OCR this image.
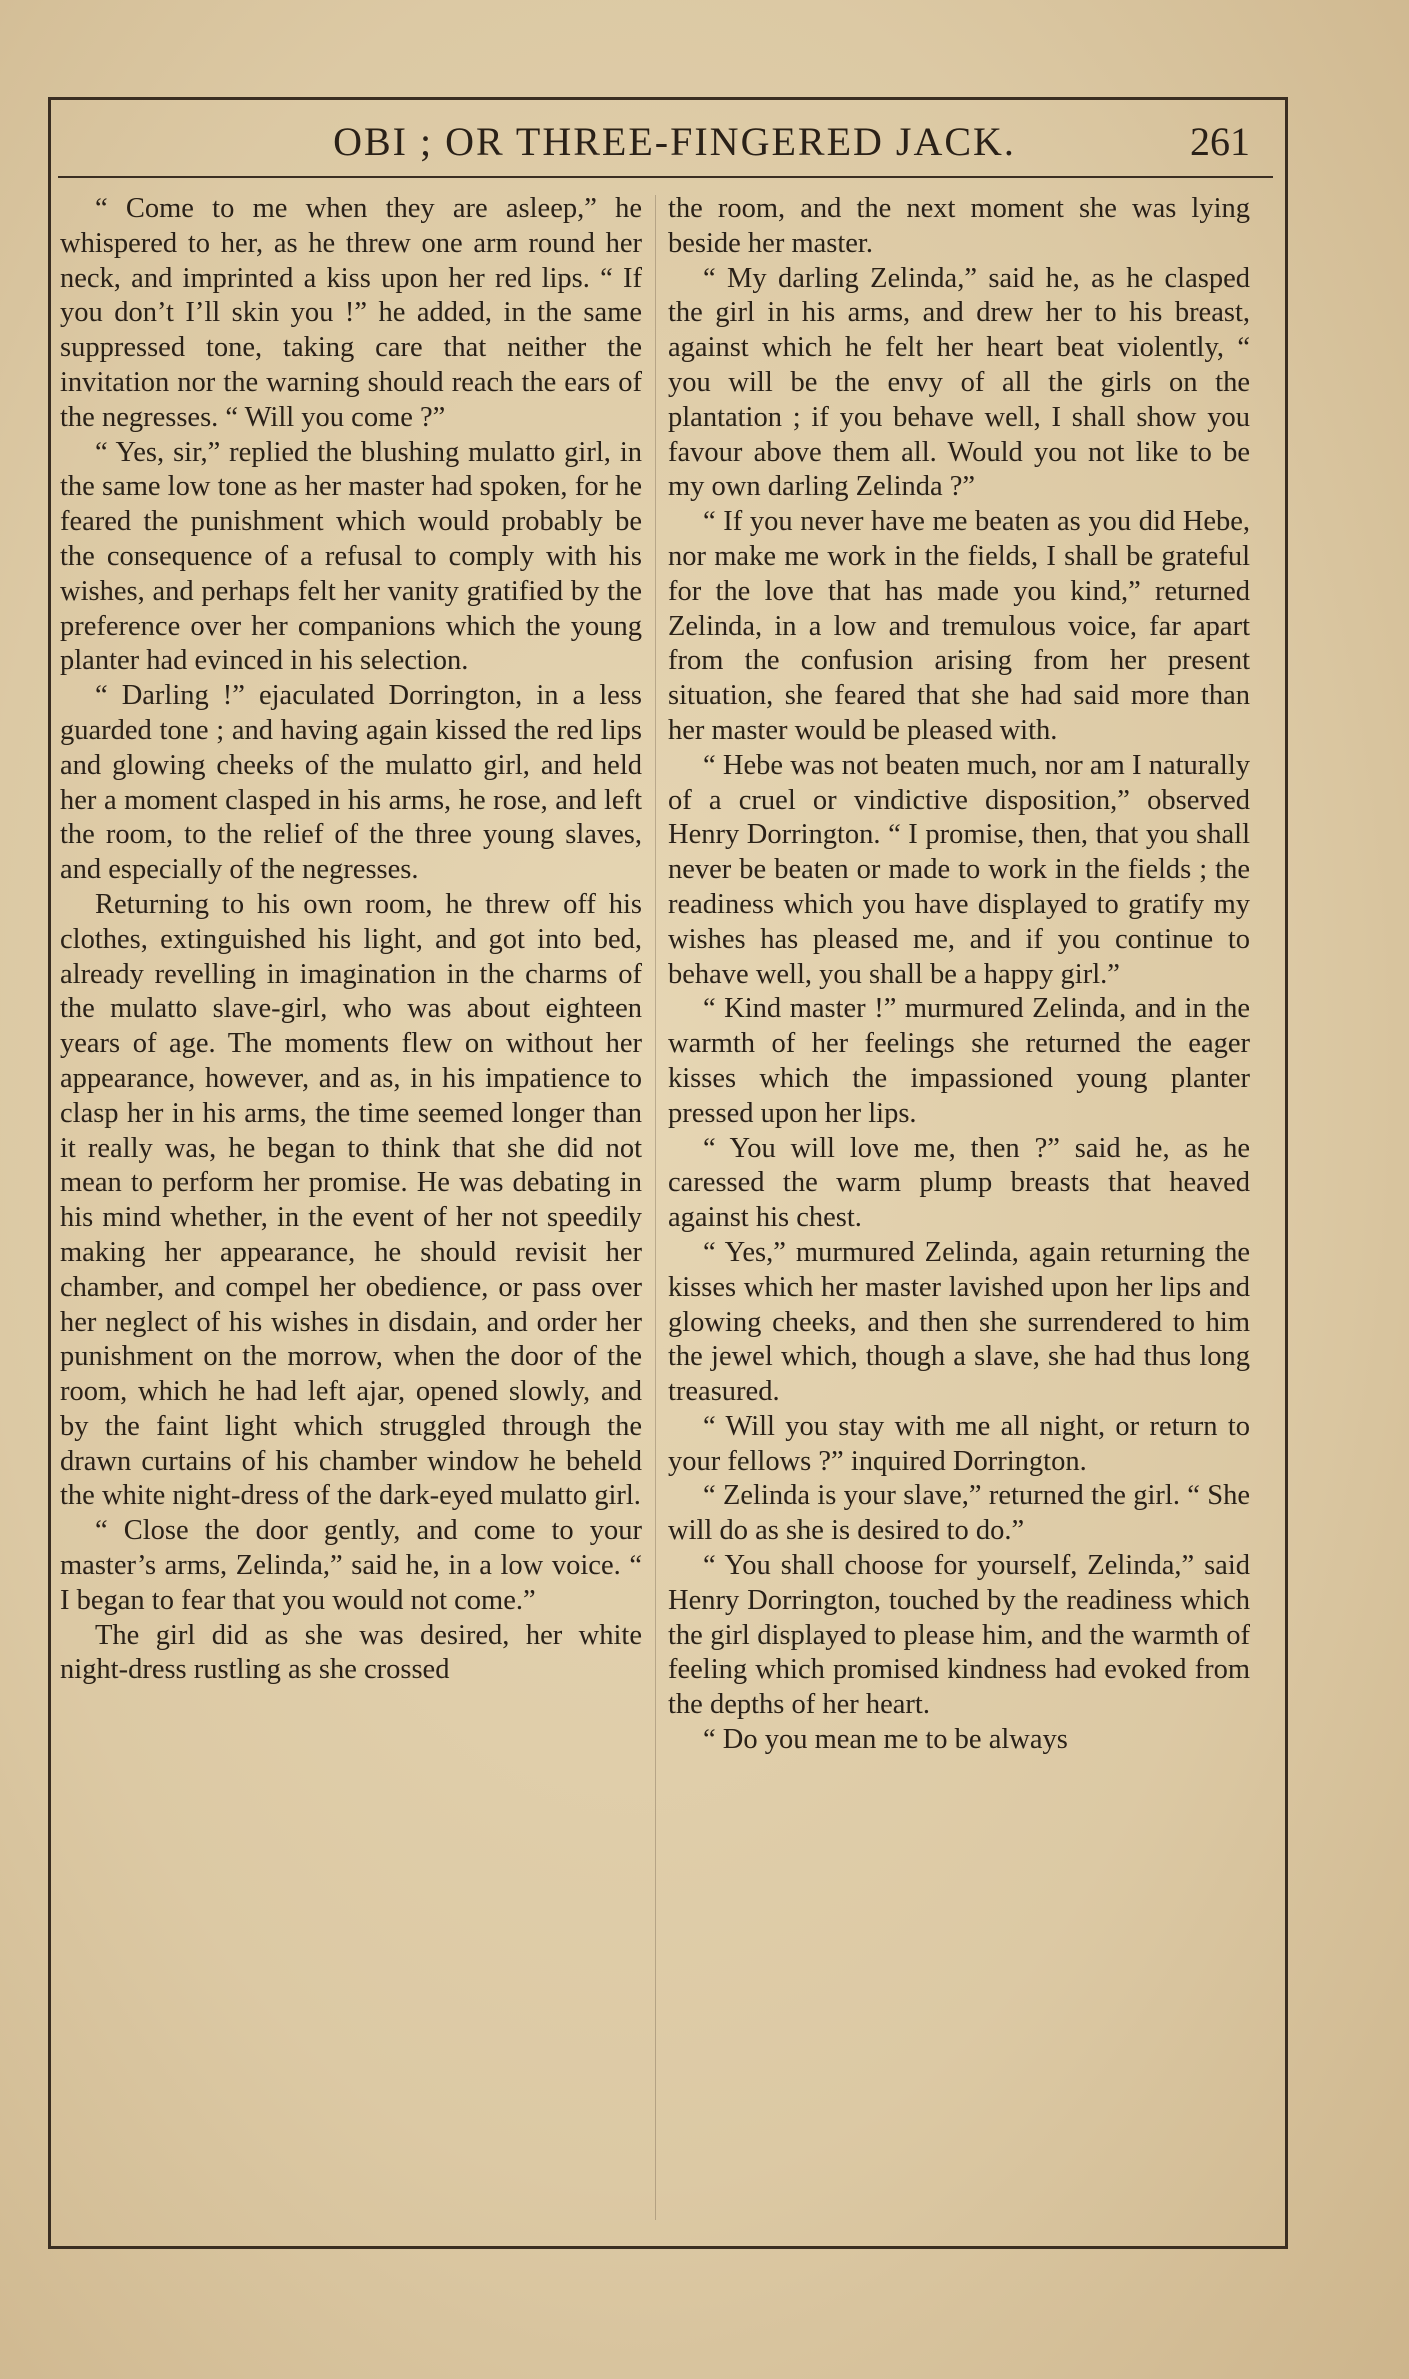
OBI ; OR THREE-FINGERED JACK.	261

“ Come to me when they are asleep,” he whispered to her, as he threw one arm round her neck, and imprinted a kiss upon her red lips. “ If you don’t I’ll skin you !” he added, in the same suppressed tone, taking care that neither the invitation nor the warning should reach the ears of the negresses. “ Will you come ?”

“ Yes, sir,” replied the blushing mulatto girl, in the same low tone as her master had spoken, for he feared the punishment which would probably be the consequence of a refusal to comply with his wishes, and perhaps felt her vanity gratified by the preference over her companions which the young planter had evinced in his selection.

“ Darling !” ejaculated Dorrington, in a less guarded tone ; and having again kissed the red lips and glowing cheeks of the mulatto girl, and held her a moment clasped in his arms, he rose, and left the room, to the relief of the three young slaves, and especially of the negresses.

Returning to his own room, he threw off his clothes, extinguished his light, and got into bed, already revelling in imagination in the charms of the mulatto slave-girl, who was about eighteen years of age. The moments flew on without her appearance, however, and as, in his impatience to clasp her in his arms, the time seemed longer than it really was, he began to think that she did not mean to perform her promise. He was debating in his mind whether, in the event of her not speedily making her appearance, he should revisit her chamber, and compel her obedience, or pass over her neglect of his wishes in disdain, and order her punishment on the morrow, when the door of the room, which he had left ajar, opened slowly, and by the faint light which struggled through the drawn curtains of his chamber window he beheld the white night-dress of the dark-eyed mulatto girl.

“ Close the door gently, and come to your master’s arms, Zelinda,” said he, in a low voice. “ I began to fear that you would not come.”

The girl did as she was desired, her white night-dress rustling as she crossed

the room, and the next moment she was lying beside her master.

“ My darling Zelinda,” said he, as he clasped the girl in his arms, and drew her to his breast, against which he felt her heart beat violently, “ you will be the envy of all the girls on the plantation ; if you behave well, I shall show you favour above them all. Would you not like to be my own darling Zelinda ?”

“ If you never have me beaten as you did Hebe, nor make me work in the fields, I shall be grateful for the love that has made you kind,” returned Zelinda, in a low and tremulous voice, far apart from the confusion arising from her present situation, she feared that she had said more than her master would be pleased with.

“ Hebe was not beaten much, nor am I naturally of a cruel or vindictive disposition,” observed Henry Dorrington. “ I promise, then, that you shall never be beaten or made to work in the fields ; the readiness which you have displayed to gratify my wishes has pleased me, and if you continue to behave well, you shall be a happy girl.”

“ Kind master !” murmured Zelinda, and in the warmth of her feelings she returned the eager kisses which the impassioned young planter pressed upon her lips.

“ You will love me, then ?” said he, as he caressed the warm plump breasts that heaved against his chest.

“ Yes,” murmured Zelinda, again returning the kisses which her master lavished upon her lips and glowing cheeks, and then she surrendered to him the jewel which, though a slave, she had thus long treasured.

“ Will you stay with me all night, or return to your fellows ?” inquired Dorrington.

“ Zelinda is your slave,” returned the girl. “ She will do as she is desired to do.”

“ You shall choose for yourself, Zelinda,” said Henry Dorrington, touched by the readiness which the girl displayed to please him, and the warmth of feeling which promised kindness had evoked from the depths of her heart.

“ Do you mean me to be always
